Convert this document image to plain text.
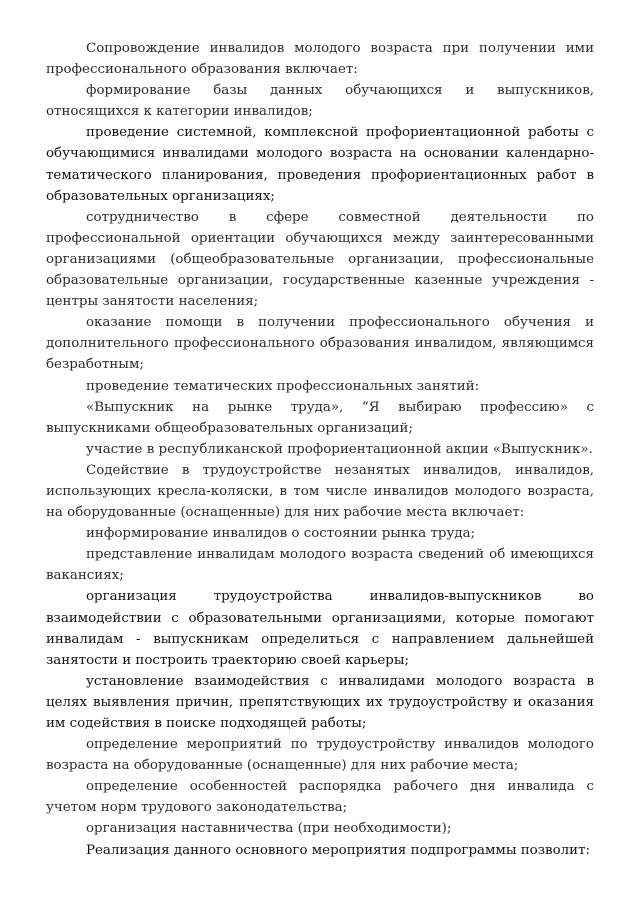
Сопровождение инвалидов молодого возраста при получении ими профессионального образования включает:

формирование базы данных обучающихся и выпускников, относящихся к категории инвалидов;

проведение системной, комплексной профориентационной работы с обучающимися инвалидами молодого возраста на основании календарно-тематического планирования, проведения профориентационных работ в образовательных организациях;

сотрудничество в сфере совместной деятельности по профессиональной ориентации обучающихся между заинтересованными организациями (общеобразовательные организации, профессиональные образовательные организации, государственные казенные учреждения - центры занятости населения;

оказание помощи в получении профессионального обучения и дополнительного профессионального образования инвалидом, являющимся безработным;

проведение тематических профессиональных занятий:

«Выпускник на рынке труда», “Я выбираю профессию» с выпускниками общеобразовательных организаций;

участие в республиканской профориентационной акции «Выпускник».

Содействие в трудоустройстве незанятых инвалидов, инвалидов, использующих кресла-коляски, в том числе инвалидов молодого возраста, на оборудованные (оснащенные) для них рабочие места включает:

информирование инвалидов о состоянии рынка труда;

представление инвалидам молодого возраста сведений об имеющихся вакансиях;

организация трудоустройства инвалидов-выпускников во взаимодействии с образовательными организациями, которые помогают инвалидам - выпускникам определиться с направлением дальнейшей занятости и построить траекторию своей карьеры;

установление взаимодействия с инвалидами молодого возраста в целях выявления причин, препятствующих их трудоустройству и оказания им содействия в поиске подходящей работы;

определение мероприятий по трудоустройству инвалидов молодого возраста на оборудованные (оснащенные) для них рабочие места;

определение особенностей распорядка рабочего дня инвалида с учетом норм трудового законодательства;

организация наставничества (при необходимости);

Реализация данного основного мероприятия подпрограммы позволит:
